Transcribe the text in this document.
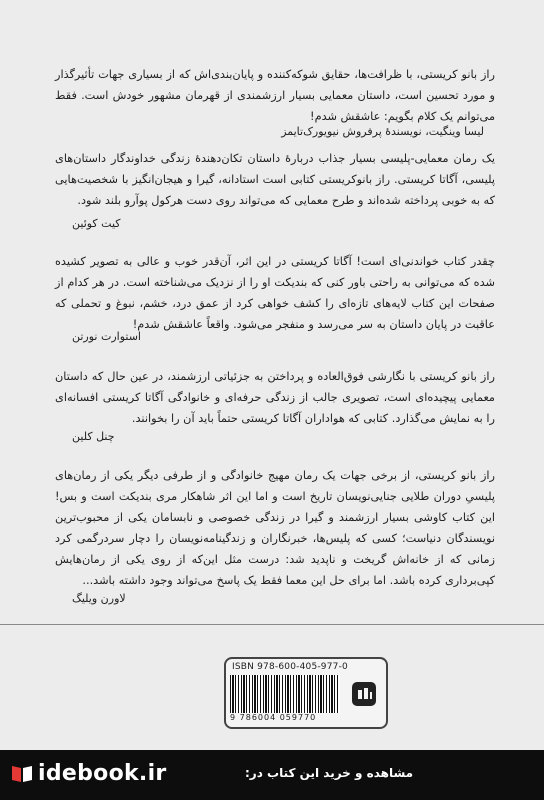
راز بانو کریستی، با ظرافت‌ها، حقایق شوکه‌کننده و پایان‌بندی‌اش که از بسیاری جهات تأثیرگذار و مورد تحسین است، داستان معمایی بسیار ارزشمندی از قهرمان مشهور خودش است. فقط می‌توانم یک کلام بگویم: عاشقش شدم!

لیسا وینگیت، نویسندهٔ پرفروش نیویورک‌تایمز

یک رمان معمایی-پلیسی بسیار جذاب دربارهٔ داستان تکان‌دهندهٔ زندگی خداوندگار داستان‌های پلیسی، آگاتا کریستی. راز بانوکریستی کتابی است استادانه، گیرا و هیجان‌انگیز با شخصیت‌هایی که به خوبی پرداخته شده‌اند و طرح معمایی که می‌تواند روی دست هرکول پوآرو بلند شود.

کیت کوئین

چقدر کتاب خواندنی‌ای است! آگاتا کریستی در این اثر، آن‌قدر خوب و عالی به تصویر کشیده شده که می‌توانی به راحتی باور کنی که بندیکت او را از نزدیک می‌شناخته است. در هر کدام از صفحات این کتاب لایه‌های تازه‌ای را کشف خواهی کرد از عمق درد، خشم، نبوغ و تحملی که عاقبت در پایان داستان به سر می‌رسد و منفجر می‌شود. واقعاً عاشقش شدم!

استوارت نورتن

راز بانو کریستی با نگارشی فوق‌العاده و پرداختن به جزئیاتی ارزشمند، در عین حال که داستان معمایی پیچیده‌ای است، تصویری جالب از زندگی حرفه‌ای و خانوادگی آگاتا کریستی افسانه‌ای را به نمایش می‌گذارد. کتابی که هواداران آگاتا کریستی حتماً باید آن را بخوانند.

چنل کلین

راز بانو کریستی، از برخی جهات یک رمان مهیج خانوادگی و از طرفی دیگر یکی از رمان‌های پلیسیِ دوران طلایی جنایی‌نویسان تاریخ است و اما این اثر شاهکار مری بندیکت است و بس! این کتاب کاوشی بسیار ارزشمند و گیرا در زندگی خصوصی و نابسامان یکی از محبوب‌ترین نویسندگان دنیاست؛ کسی که پلیس‌ها، خبرنگاران و زندگینامه‌نویسان را دچار سردرگمی کرد زمانی که از خانه‌اش گریخت و ناپدید شد: درست مثل این‌که از روی یکی از رمان‌هایش کپی‌برداری کرده باشد. اما برای حل این معما فقط یک پاسخ می‌تواند وجود داشته باشد...

لاورن ویلیگ
ISBN 978-600-405-977-0
9 786004 059770
مشاهده و خرید این کتاب در:
idebook.ir
